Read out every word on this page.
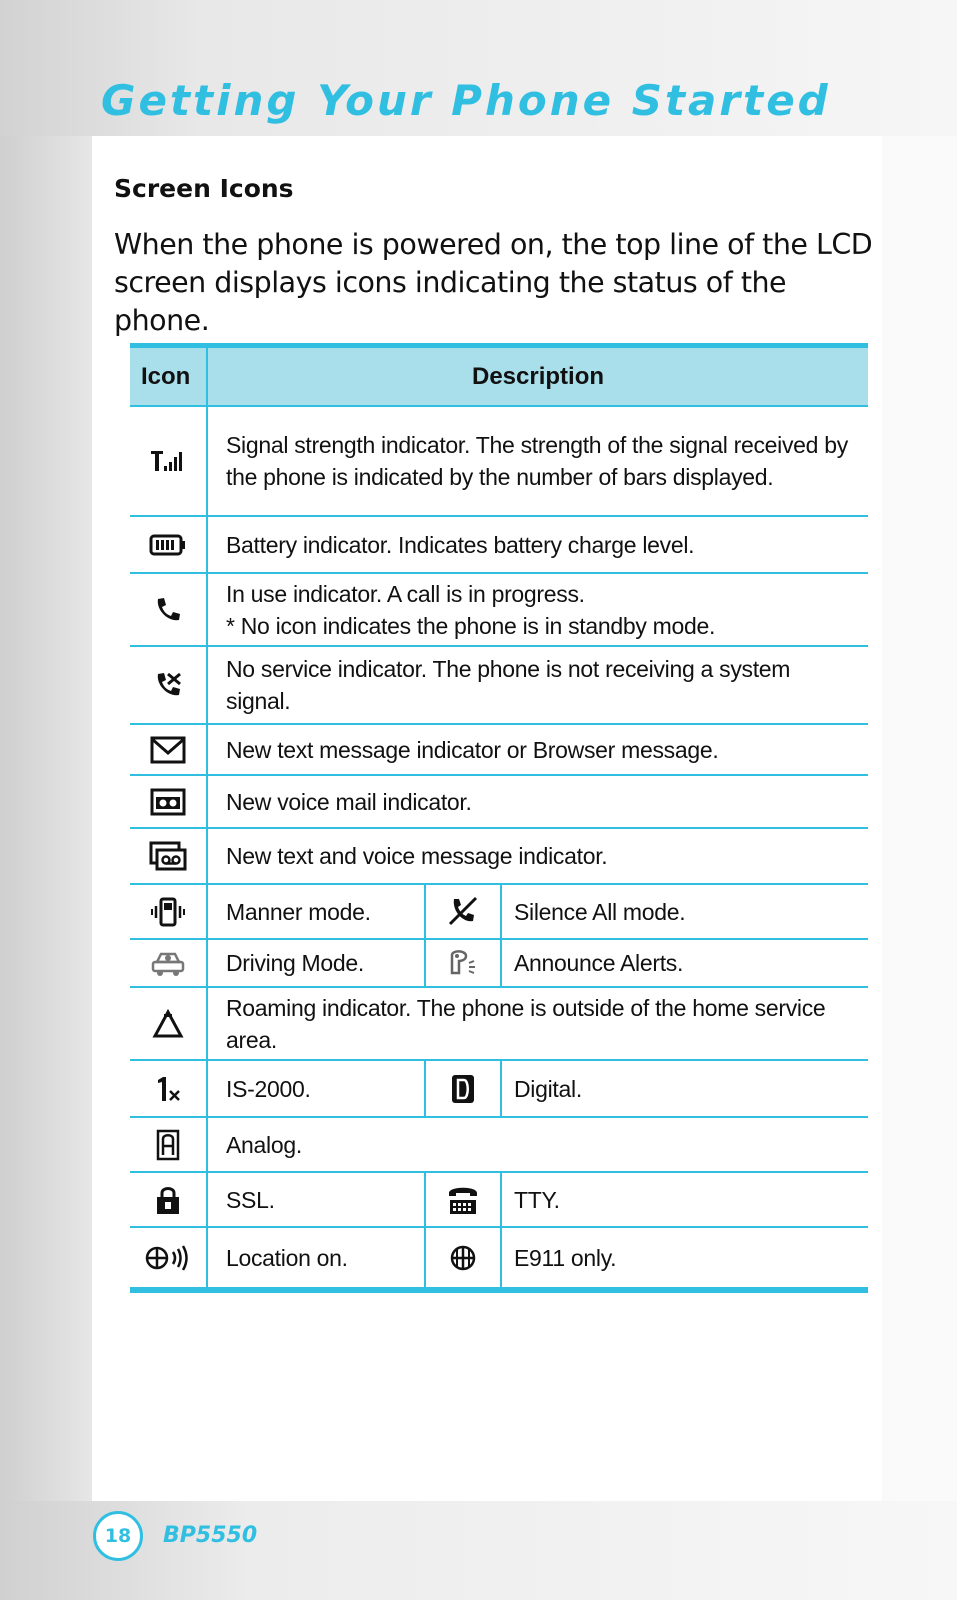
Getting Your Phone Started
Screen Icons

When the phone is powered on, the top line of the LCD screen displays icons indicating the status of the phone.

Icon	Description
Signal strength indicator. The strength of the signal received by the phone is indicated by the number of bars displayed.
Battery indicator. Indicates battery charge level.
In use indicator. A call is in progress.
* No icon indicates the phone is in standby mode.
No service indicator. The phone is not receiving a system signal.
New text message indicator or Browser message.
New voice mail indicator.
New text and voice message indicator.
Manner mode.	Silence All mode.
Driving Mode.	Announce Alerts.
Roaming indicator. The phone is outside of the home service area.
IS-2000.	Digital.
Analog.
SSL.	TTY.
Location on.	E911 only.
18	BP5550
